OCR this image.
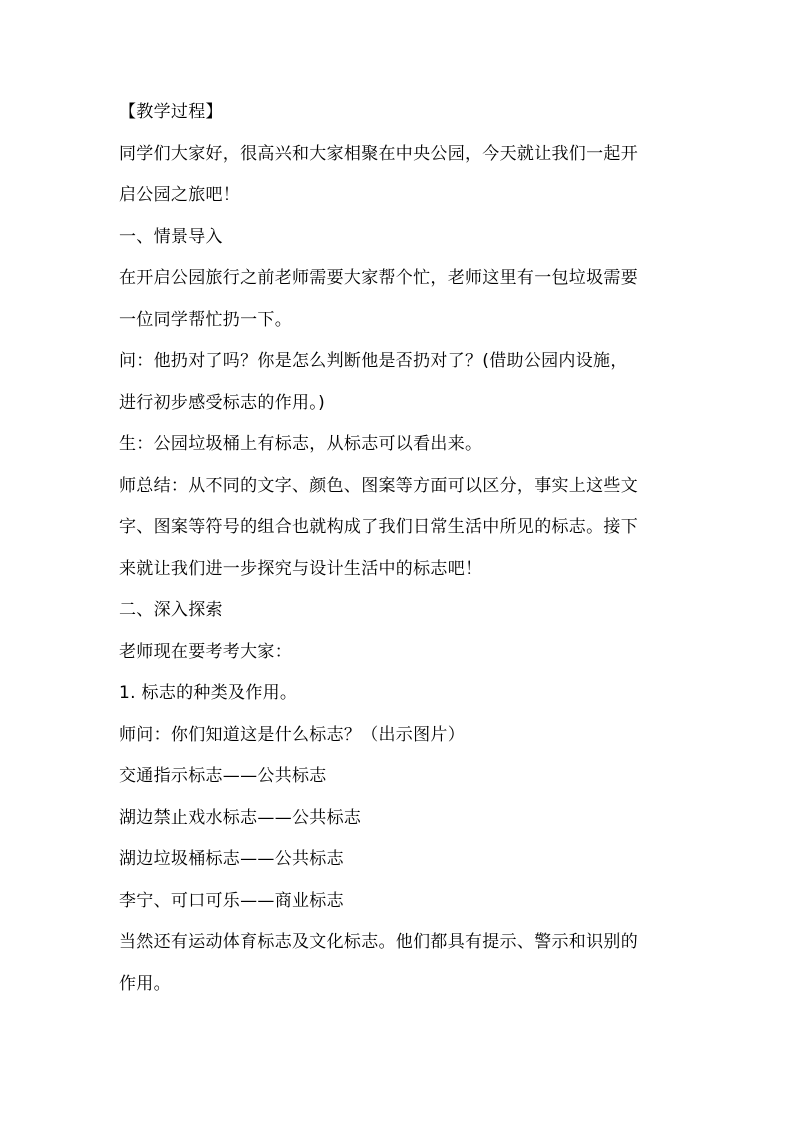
【教学过程】
同学们大家好，很高兴和大家相聚在中央公园，今天就让我们一起开
启公园之旅吧！
一、情景导入
在开启公园旅行之前老师需要大家帮个忙，老师这里有一包垃圾需要
一位同学帮忙扔一下。
问：他扔对了吗？你是怎么判断他是否扔对了？(借助公园内设施，
进行初步感受标志的作用。)
生：公园垃圾桶上有标志，从标志可以看出来。
师总结：从不同的文字、颜色、图案等方面可以区分，事实上这些文
字、图案等符号的组合也就构成了我们日常生活中所见的标志。接下
来就让我们进一步探究与设计生活中的标志吧！
二、深入探索
老师现在要考考大家：
1. 标志的种类及作用。
师问：你们知道这是什么标志？（出示图片）
交通指示标志——公共标志
湖边禁止戏水标志——公共标志
湖边垃圾桶标志——公共标志
李宁、可口可乐——商业标志
当然还有运动体育标志及文化标志。他们都具有提示、警示和识别的
作用。
